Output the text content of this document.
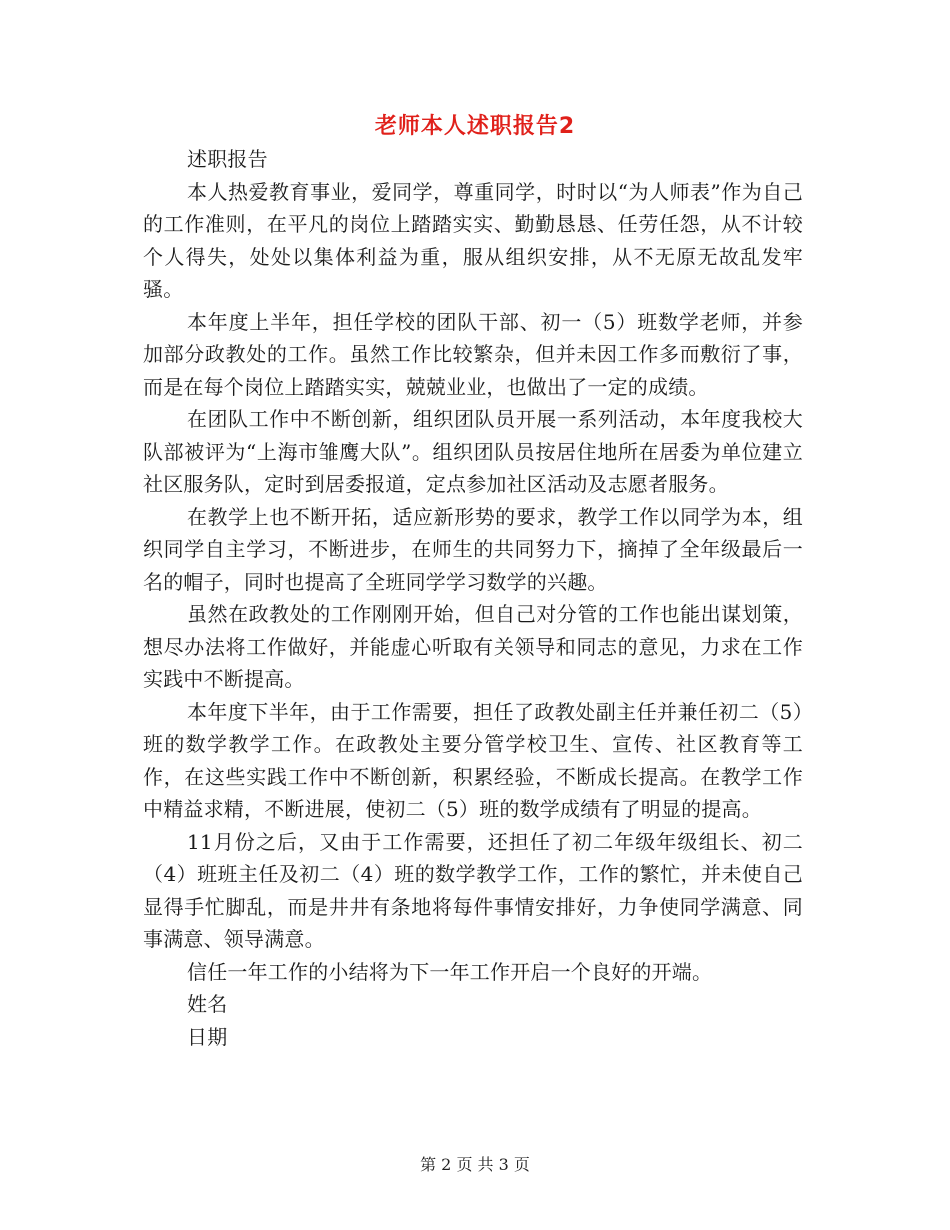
老师本人述职报告2

述职报告

本人热爱教育事业，爱同学，尊重同学，时时以“为人师表”作为自己的工作准则，在平凡的岗位上踏踏实实、勤勤恳恳、任劳任怨，从不计较个人得失，处处以集体利益为重，服从组织安排，从不无原无故乱发牢骚。

本年度上半年，担任学校的团队干部、初一（5）班数学老师，并参加部分政教处的工作。虽然工作比较繁杂，但并未因工作多而敷衍了事，而是在每个岗位上踏踏实实，兢兢业业，也做出了一定的成绩。

在团队工作中不断创新，组织团队员开展一系列活动，本年度我校大队部被评为“上海市雏鹰大队”。组织团队员按居住地所在居委为单位建立社区服务队，定时到居委报道，定点参加社区活动及志愿者服务。

在教学上也不断开拓，适应新形势的要求，教学工作以同学为本，组织同学自主学习，不断进步，在师生的共同努力下，摘掉了全年级最后一名的帽子，同时也提高了全班同学学习数学的兴趣。

虽然在政教处的工作刚刚开始，但自己对分管的工作也能出谋划策，想尽办法将工作做好，并能虚心听取有关领导和同志的意见，力求在工作实践中不断提高。

本年度下半年，由于工作需要，担任了政教处副主任并兼任初二（5）班的数学教学工作。在政教处主要分管学校卫生、宣传、社区教育等工作，在这些实践工作中不断创新，积累经验，不断成长提高。在教学工作中精益求精，不断进展，使初二（5）班的数学成绩有了明显的提高。

11月份之后，又由于工作需要，还担任了初二年级年级组长、初二（4）班班主任及初二（4）班的数学教学工作，工作的繁忙，并未使自己显得手忙脚乱，而是井井有条地将每件事情安排好，力争使同学满意、同事满意、领导满意。

信任一年工作的小结将为下一年工作开启一个良好的开端。

姓名

日期

第 2 页 共 3 页
